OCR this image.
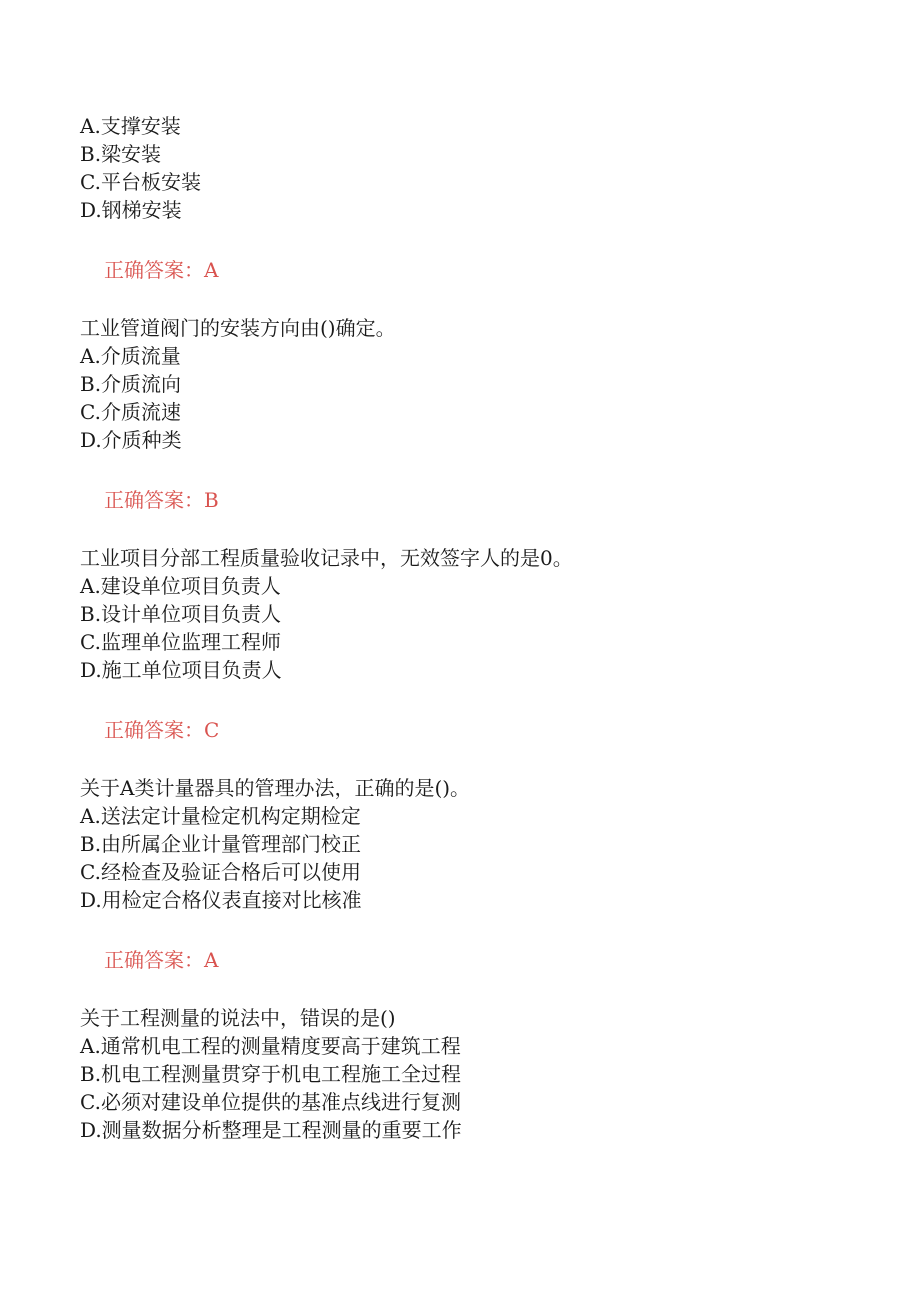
A.支撑安装
B.梁安装
C.平台板安装
D.钢梯安装
正确答案：A
工业管道阀门的安装方向由()确定。
A.介质流量
B.介质流向
C.介质流速
D.介质种类
正确答案：B
工业项目分部工程质量验收记录中，无效签字人的是0。
A.建设单位项目负责人
B.设计单位项目负责人
C.监理单位监理工程师
D.施工单位项目负责人
正确答案：C
关于A类计量器具的管理办法，正确的是()。
A.送法定计量检定机构定期检定
B.由所属企业计量管理部门校正
C.经检查及验证合格后可以使用
D.用检定合格仪表直接对比核准
正确答案：A
关于工程测量的说法中，错误的是()
A.通常机电工程的测量精度要高于建筑工程
B.机电工程测量贯穿于机电工程施工全过程
C.必须对建设单位提供的基准点线进行复测
D.测量数据分析整理是工程测量的重要工作
